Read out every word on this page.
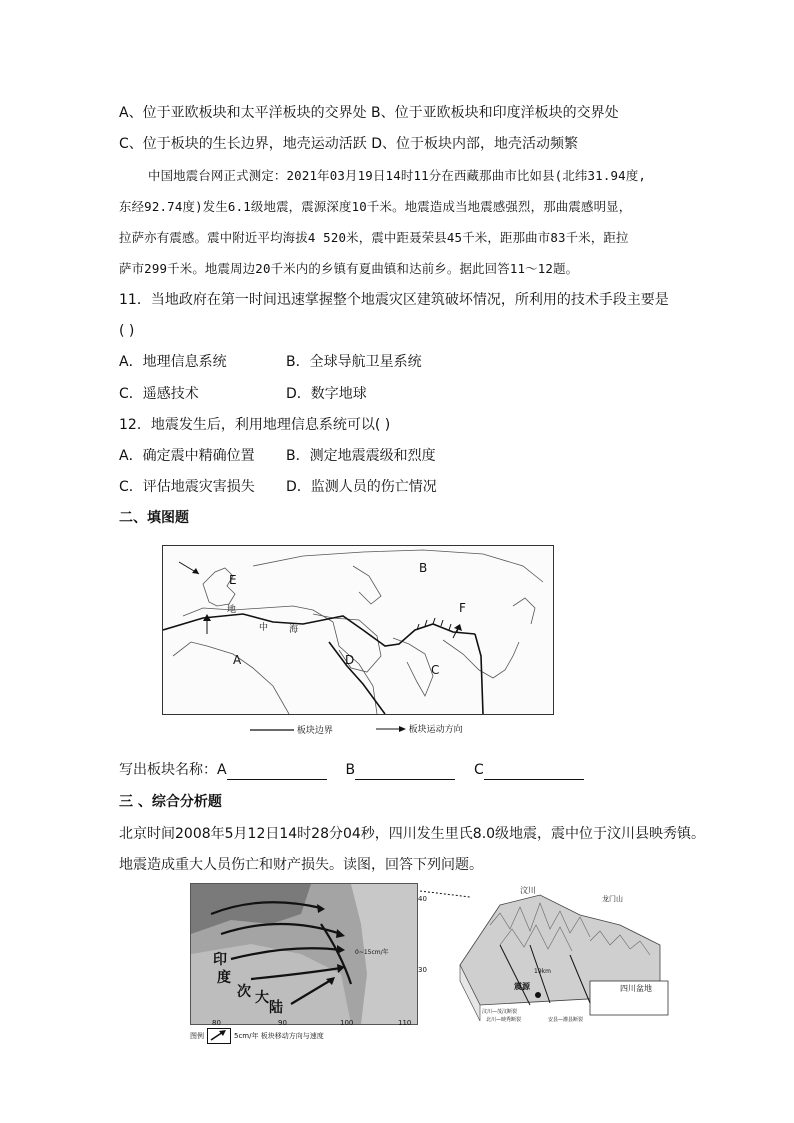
A、位于亚欧板块和太平洋板块的交界处 B、位于亚欧板块和印度洋板块的交界处
C、位于板块的生长边界，地壳运动活跃 D、位于板块内部，地壳活动频繁
中国地震台网正式测定：2021年03月19日14时11分在西藏那曲市比如县(北纬31.94度,
东经92.74度)发生6.1级地震，震源深度10千米。地震造成当地震感强烈，那曲震感明显，
拉萨亦有震感。震中附近平均海拔4 520米，震中距聂荣县45千米，距那曲市83千米，距拉
萨市299千米。地震周边20千米内的乡镇有夏曲镇和达前乡。据此回答11～12题。
11．当地政府在第一时间迅速掌握整个地震灾区建筑破坏情况，所利用的技术手段主要是
( )
A．地理信息系统	B．全球导航卫星系统
C．遥感技术	D．数字地球
12．地震发生后，利用地理信息系统可以( )
A．确定震中精确位置 B．测定地震震级和烈度
C．评估地震灾害损失 D．监测人员的伤亡情况
二、填图题
A
B
C
D
E
F
地
中 海

板块边界

	板块运动方向
写出板块名称：A	B	C
三 、综合分析题
北京时间2008年5月12日14时28分04秒，四川发生里氏8.0级地震，震中位于汶川县映秀镇。
地震造成重大人员伤亡和财产损失。读图，回答下列问题。
印
度
次 大
陆
0~15cm/年
40
30
80	90	100	110
图例	5cm/年
板块移动方向与速度
汶川
龙门山
四川盆地
震源
19km
汶川—茂汶断裂
北川—映秀断裂	安县—灌县断裂
